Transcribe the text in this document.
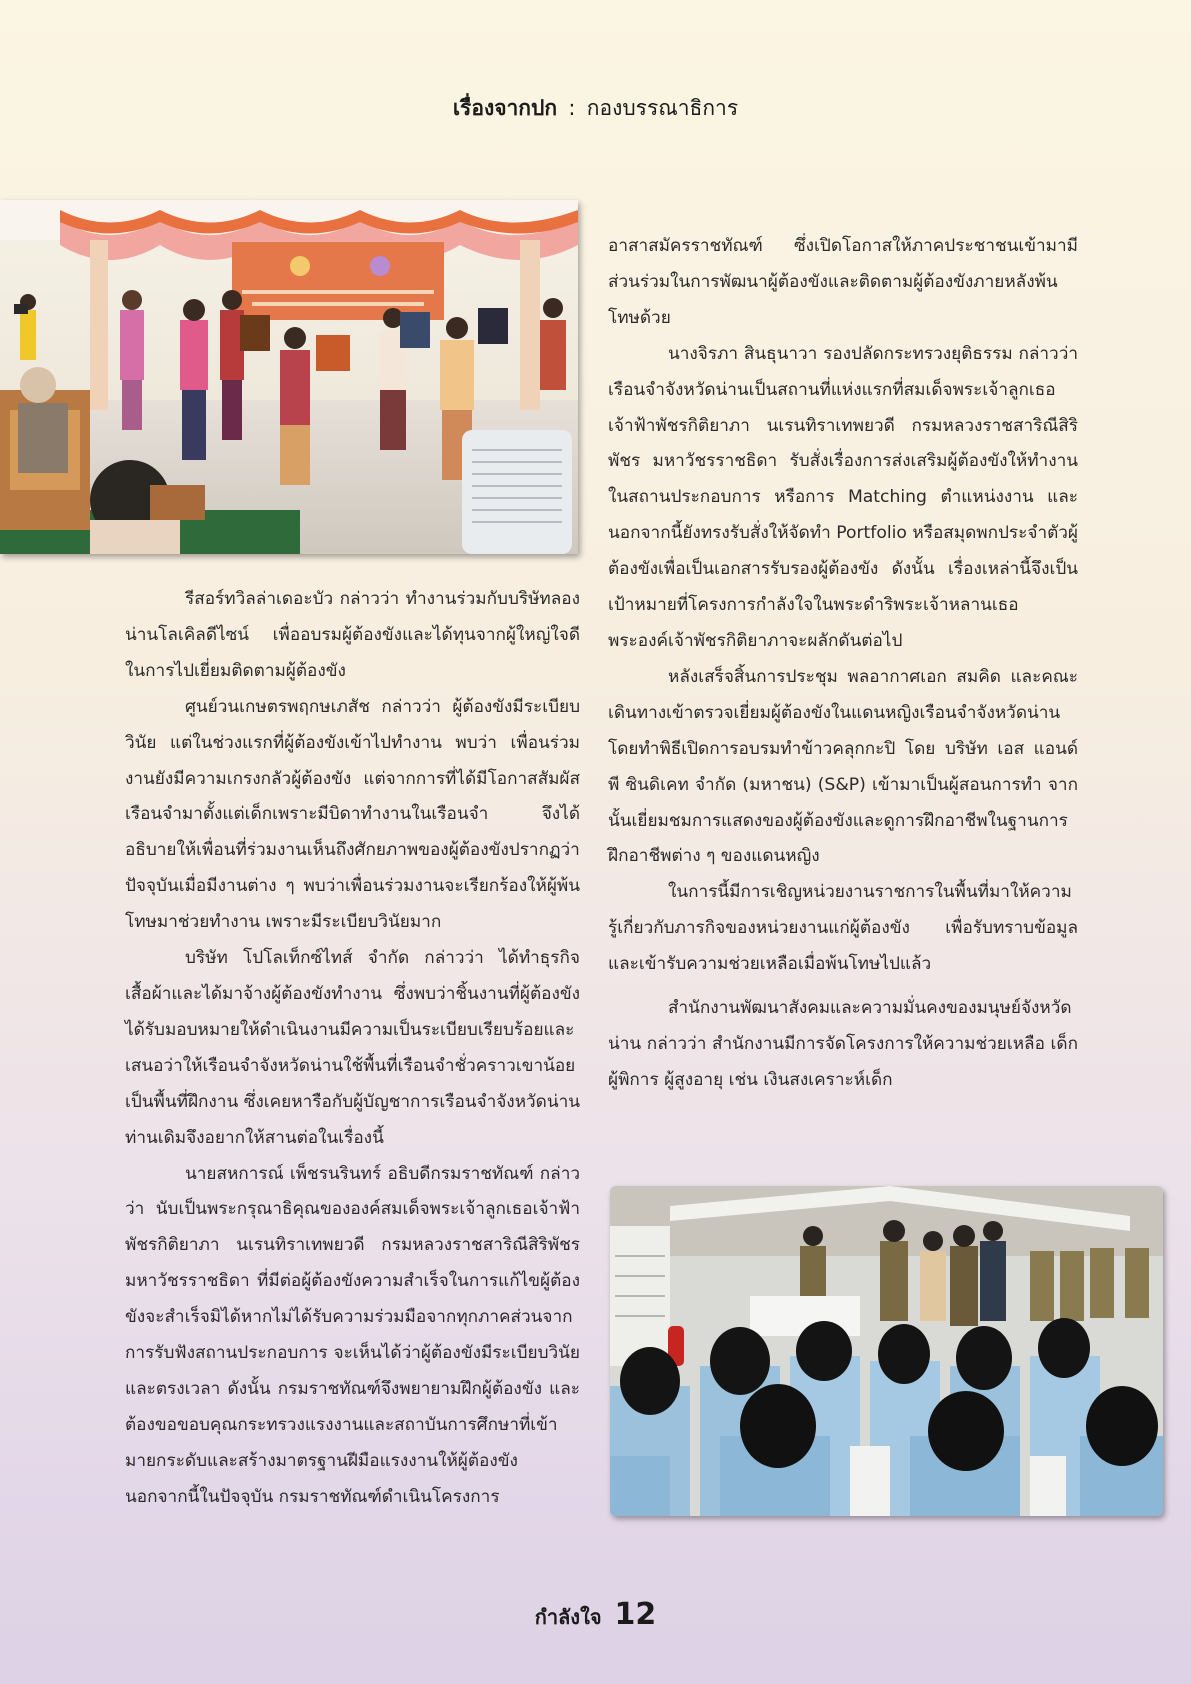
เรื่องจากปก : กองบรรณาธิการ

รีสอร์ทวิลล่าเดอะบัว กล่าวว่า ทำงานร่วมกับบริษัทลองน่านโลเคิลดีไซน์ เพื่ออบรมผู้ต้องขังและได้ทุนจากผู้ใหญ่ใจดีในการไปเยี่ยมติดตามผู้ต้องขัง

ศูนย์วนเกษตรพฤกษเภสัช กล่าวว่า ผู้ต้องขังมีระเบียบวินัย แต่ในช่วงแรกที่ผู้ต้องขังเข้าไปทำงาน พบว่า เพื่อนร่วมงานยังมีความเกรงกลัวผู้ต้องขัง แต่จากการที่ได้มีโอกาสสัมผัสเรือนจำมาตั้งแต่เด็กเพราะมีบิดาทำงานในเรือนจำ จึงได้อธิบายให้เพื่อนที่ร่วมงานเห็นถึงศักยภาพของผู้ต้องขังปรากฏว่าปัจจุบันเมื่อมีงานต่าง ๆ พบว่าเพื่อนร่วมงานจะเรียกร้องให้ผู้พ้นโทษมาช่วยทำงาน เพราะมีระเบียบวินัยมาก

บริษัท โปโลเท็กซ์ไทส์ จำกัด กล่าวว่า ได้ทำธุรกิจเสื้อผ้าและได้มาจ้างผู้ต้องขังทำงาน ซึ่งพบว่าชิ้นงานที่ผู้ต้องขังได้รับมอบหมายให้ดำเนินงานมีความเป็นระเบียบเรียบร้อยและเสนอว่าให้เรือนจำจังหวัดน่านใช้พื้นที่เรือนจำชั่วคราวเขาน้อยเป็นพื้นที่ฝึกงาน ซึ่งเคยหารือกับผู้บัญชาการเรือนจำจังหวัดน่านท่านเดิมจึงอยากให้สานต่อในเรื่องนี้

นายสหการณ์ เพ็ชรนรินทร์ อธิบดีกรมราชทัณฑ์ กล่าวว่า นับเป็นพระกรุณาธิคุณขององค์สมเด็จพระเจ้าลูกเธอเจ้าฟ้าพัชรกิติยาภา นเรนทิราเทพยวดี กรมหลวงราชสาริณีสิริพัชร มหาวัชรราชธิดา ที่มีต่อผู้ต้องขังความสำเร็จในการแก้ไขผู้ต้องขังจะสำเร็จมิได้หากไม่ได้รับความร่วมมือจากทุกภาคส่วนจากการรับฟังสถานประกอบการ จะเห็นได้ว่าผู้ต้องขังมีระเบียบวินัยและตรงเวลา ดังนั้น กรมราชทัณฑ์จึงพยายามฝึกผู้ต้องขัง และต้องขอขอบคุณกระทรวงแรงงานและสถาบันการศึกษาที่เข้ามายกระดับและสร้างมาตรฐานฝีมือแรงงานให้ผู้ต้องขัง นอกจากนี้ในปัจจุบัน กรมราชทัณฑ์ดำเนินโครงการ

อาสาสมัครราชทัณฑ์ ซึ่งเปิดโอกาสให้ภาคประชาชนเข้ามามีส่วนร่วมในการพัฒนาผู้ต้องขังและติดตามผู้ต้องขังภายหลังพ้นโทษด้วย

นางจิรภา สินธุนาวา รองปลัดกระทรวงยุติธรรม กล่าวว่า เรือนจำจังหวัดน่านเป็นสถานที่แห่งแรกที่สมเด็จพระเจ้าลูกเธอเจ้าฟ้าพัชรกิติยาภา นเรนทิราเทพยวดี กรมหลวงราชสาริณีสิริพัชร มหาวัชรราชธิดา รับสั่งเรื่องการส่งเสริมผู้ต้องขังให้ทำงานในสถานประกอบการ หรือการ Matching ตำแหน่งงาน และนอกจากนี้ยังทรงรับสั่งให้จัดทำ Portfolio หรือสมุดพกประจำตัวผู้ต้องขังเพื่อเป็นเอกสารรับรองผู้ต้องขัง ดังนั้น เรื่องเหล่านี้จึงเป็นเป้าหมายที่โครงการกำลังใจในพระดำริพระเจ้าหลานเธอพระองค์เจ้าพัชรกิติยาภาจะผลักดันต่อไป

หลังเสร็จสิ้นการประชุม พลอากาศเอก สมคิด และคณะเดินทางเข้าตรวจเยี่ยมผู้ต้องขังในแดนหญิงเรือนจำจังหวัดน่านโดยทำพิธีเปิดการอบรมทำข้าวคลุกกะปิ โดย บริษัท เอส แอนด์ พี ซินดิเคท จำกัด (มหาชน) (S&P) เข้ามาเป็นผู้สอนการทำ จากนั้นเยี่ยมชมการแสดงของผู้ต้องขังและดูการฝึกอาชีพในฐานการฝึกอาชีพต่าง ๆ ของแดนหญิง

ในการนี้มีการเชิญหน่วยงานราชการในพื้นที่มาให้ความรู้เกี่ยวกับภารกิจของหน่วยงานแก่ผู้ต้องขัง เพื่อรับทราบข้อมูลและเข้ารับความช่วยเหลือเมื่อพ้นโทษไปแล้ว

สำนักงานพัฒนาสังคมและความมั่นคงของมนุษย์จังหวัดน่าน กล่าวว่า สำนักงานมีการจัดโครงการให้ความช่วยเหลือ เด็ก ผู้พิการ ผู้สูงอายุ เช่น เงินสงเคราะห์เด็ก

กำลังใจ 12
